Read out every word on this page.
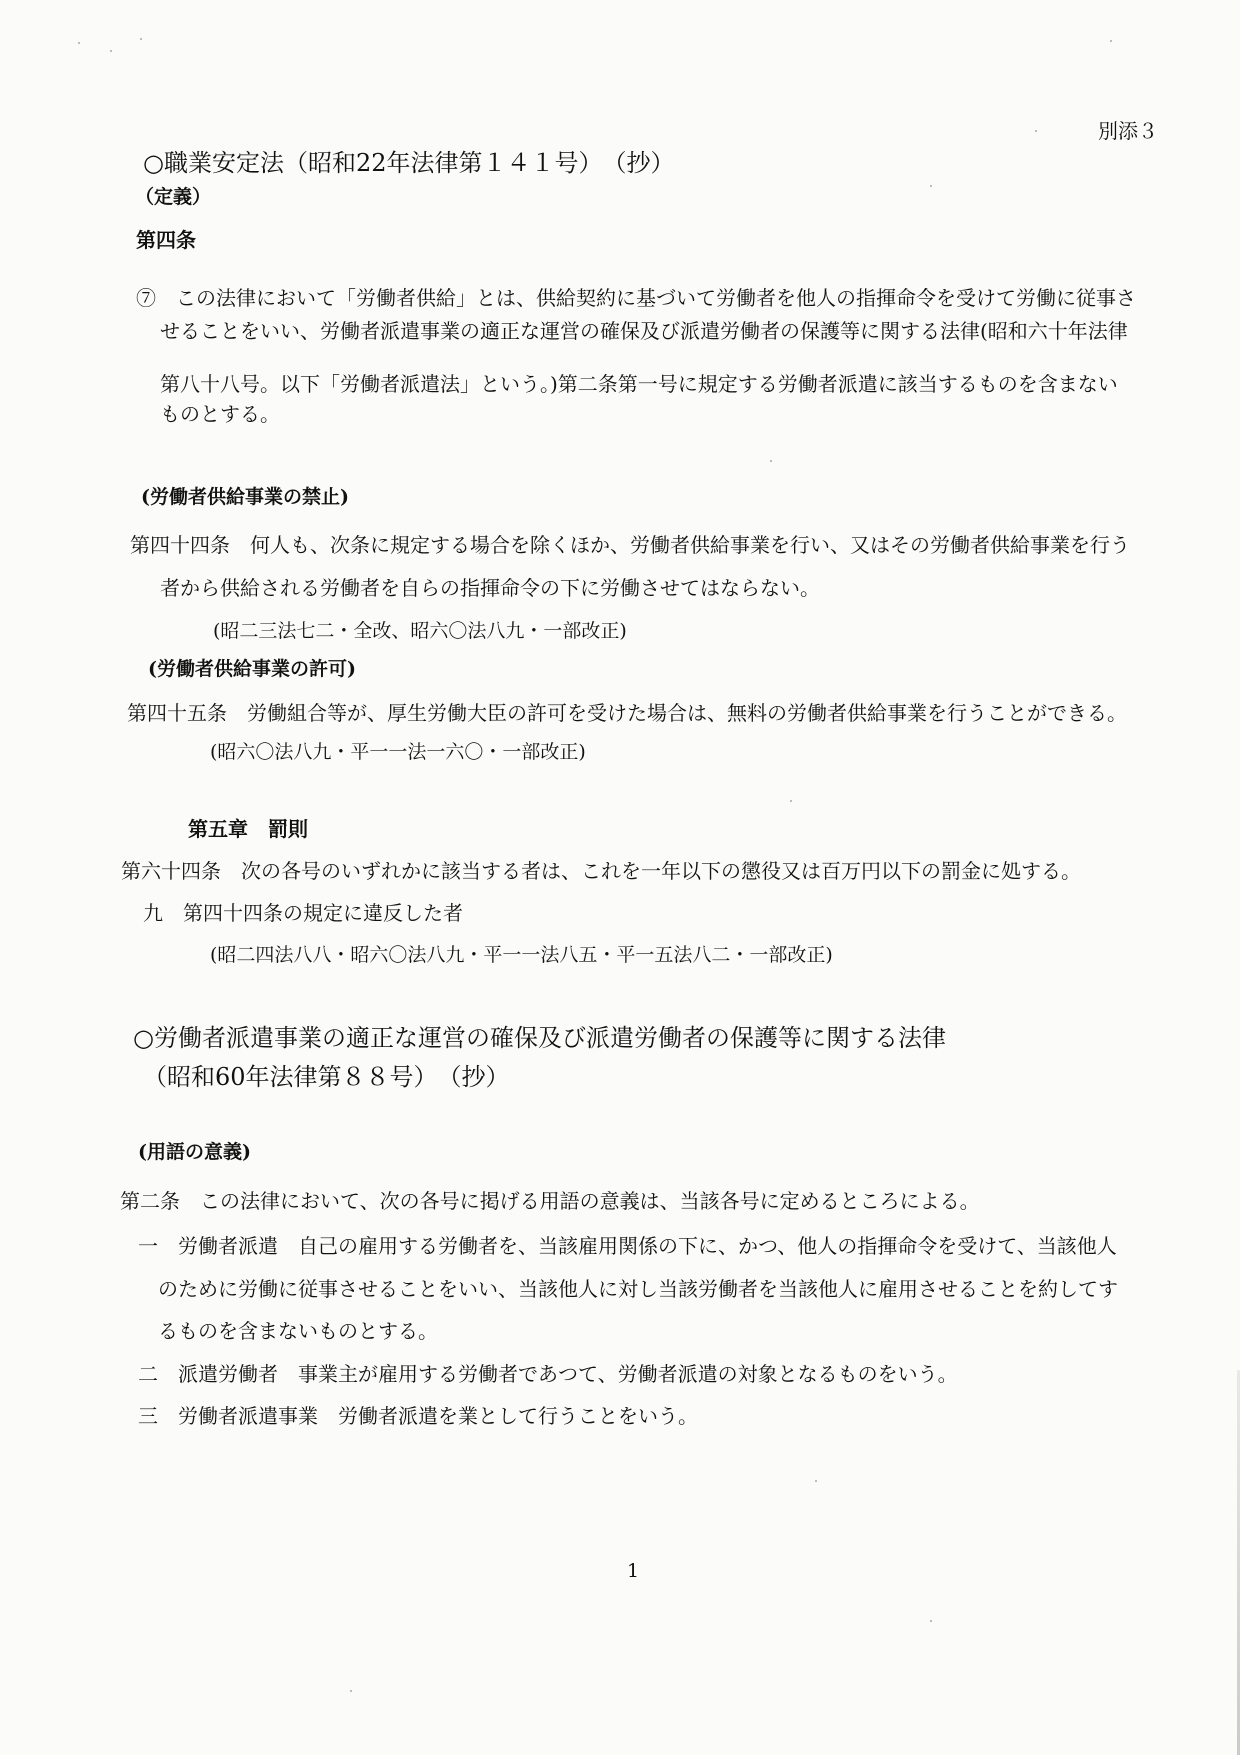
別添３
○職業安定法（昭和22年法律第１４１号）　（抄）
（定義）
第四条
⑦　この法律において「労働者供給」とは、供給契約に基づいて労働者を他人の指揮命令を受けて労働に従事さ
せることをいい、労働者派遣事業の適正な運営の確保及び派遣労働者の保護等に関する法律(昭和六十年法律
第八十八号。以下「労働者派遣法」という。)第二条第一号に規定する労働者派遣に該当するものを含まない
ものとする。
(労働者供給事業の禁止)
第四十四条　何人も、次条に規定する場合を除くほか、労働者供給事業を行い、又はその労働者供給事業を行う
者から供給される労働者を自らの指揮命令の下に労働させてはならない。
(昭二三法七二・全改、昭六〇法八九・一部改正)
(労働者供給事業の許可)
第四十五条　労働組合等が、厚生労働大臣の許可を受けた場合は、無料の労働者供給事業を行うことができる。
(昭六〇法八九・平一一法一六〇・一部改正)
第五章　罰則
第六十四条　次の各号のいずれかに該当する者は、これを一年以下の懲役又は百万円以下の罰金に処する。
九　第四十四条の規定に違反した者
(昭二四法八八・昭六〇法八九・平一一法八五・平一五法八二・一部改正)
○労働者派遣事業の適正な運営の確保及び派遣労働者の保護等に関する法律
（昭和60年法律第８８号）　（抄）
(用語の意義)
第二条　この法律において、次の各号に掲げる用語の意義は、当該各号に定めるところによる。
一　労働者派遣　自己の雇用する労働者を、当該雇用関係の下に、かつ、他人の指揮命令を受けて、当該他人
のために労働に従事させることをいい、当該他人に対し当該労働者を当該他人に雇用させることを約してす
るものを含まないものとする。
二　派遣労働者　事業主が雇用する労働者であつて、労働者派遣の対象となるものをいう。
三　労働者派遣事業　労働者派遣を業として行うことをいう。
1
